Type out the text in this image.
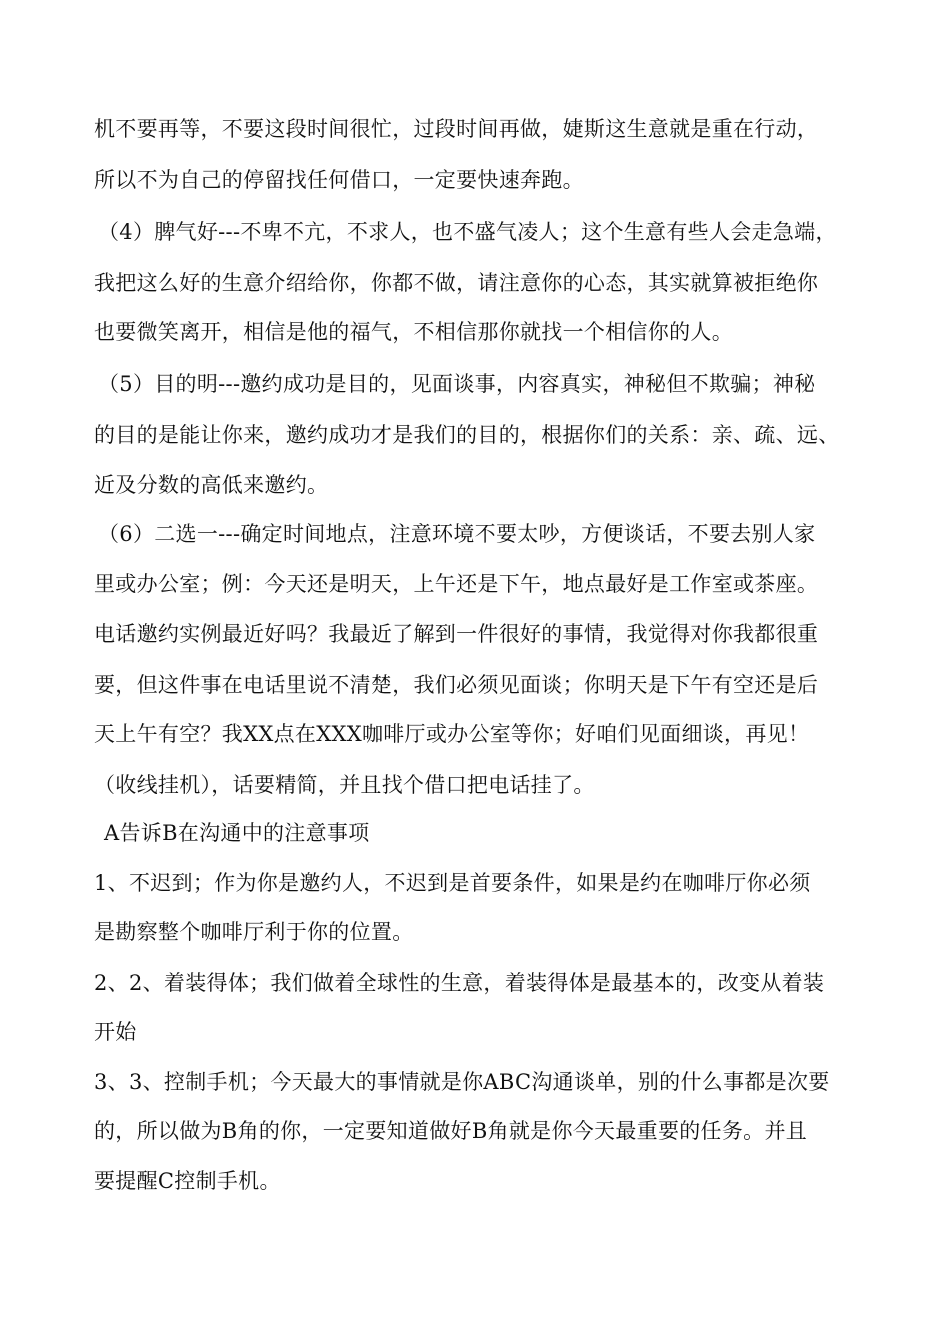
机不要再等，不要这段时间很忙，过段时间再做，婕斯这生意就是重在行动，
所以不为自己的停留找任何借口，一定要快速奔跑。
（4）脾气好---不卑不亢，不求人，也不盛气凌人；这个生意有些人会走急端，
我把这么好的生意介绍给你，你都不做，请注意你的心态，其实就算被拒绝你
也要微笑离开，相信是他的福气，不相信那你就找一个相信你的人。
（5）目的明---邀约成功是目的，见面谈事，内容真实，神秘但不欺骗；神秘
的目的是能让你来，邀约成功才是我们的目的，根据你们的关系：亲、疏、远、
近及分数的高低来邀约。
（6）二选一---确定时间地点，注意环境不要太吵，方便谈话，不要去别人家
里或办公室；例：今天还是明天，上午还是下午，地点最好是工作室或茶座。
电话邀约实例最近好吗？我最近了解到一件很好的事情，我觉得对你我都很重
要，但这件事在电话里说不清楚，我们必须见面谈；你明天是下午有空还是后
天上午有空？我XX点在XXX咖啡厅或办公室等你；好咱们见面细谈，再见！
（收线挂机），话要精简，并且找个借口把电话挂了。
A告诉B在沟通中的注意事项
1、不迟到；作为你是邀约人，不迟到是首要条件，如果是约在咖啡厅你必须
是勘察整个咖啡厅利于你的位置。
2、2、着装得体；我们做着全球性的生意，着装得体是最基本的，改变从着装
开始
3、3、控制手机；今天最大的事情就是你ABC沟通谈单，别的什么事都是次要
的，所以做为B角的你，一定要知道做好B角就是你今天最重要的任务。并且
要提醒C控制手机。
